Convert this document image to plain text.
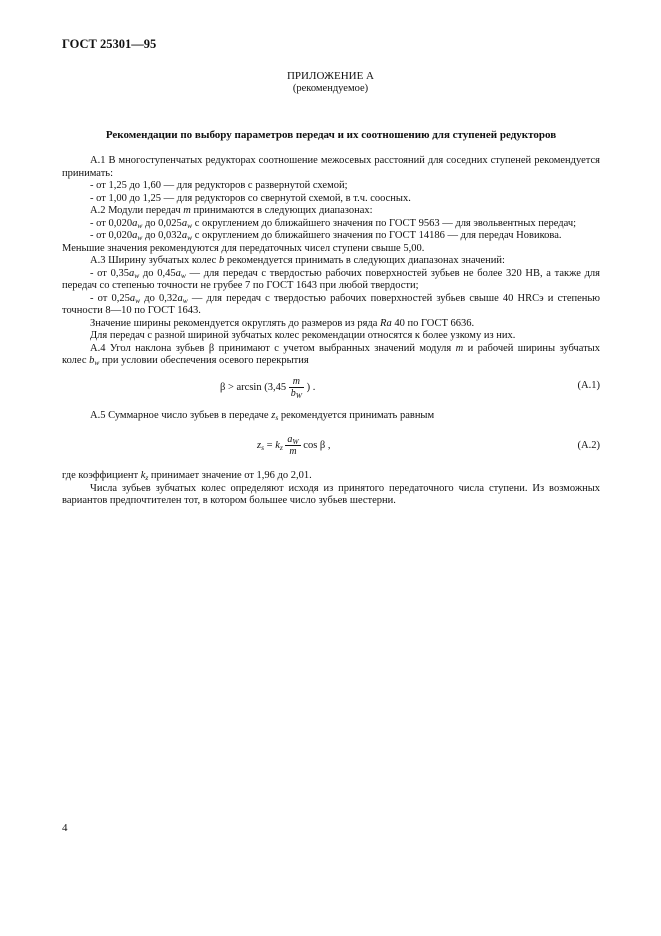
ГОСТ 25301—95
ПРИЛОЖЕНИЕ А
(рекомендуемое)
Рекомендации по выбору параметров передач и их соотношению для ступеней редукторов

А.1 В многоступенчатых редукторах соотношение межосевых расстояний для соседних ступеней рекомендуется принимать:

- от 1,25 до 1,60 — для редукторов с развернутой схемой;

- от 1,00 до 1,25 — для редукторов со свернутой схемой, в т.ч. соосных.

А.2 Модули передач m принимаются в следующих диапазонах:

- от $0,020a_w$ до $0,025a_w$ с округлением до ближайшего значения по ГОСТ 9563 — для эвольвентных передач;

- от $0,020a_w$ до $0,032a_w$ с округлением до ближайшего значения по ГОСТ 14186 — для передач Новикова.

Меньшие значения рекомендуются для передаточных чисел ступени свыше 5,00.

А.3 Ширину зубчатых колес b рекомендуется принимать в следующих диапазонах значений:

- от $0,35a_w$ до $0,45a_w$ — для передач с твердостью рабочих поверхностей зубьев не более 320 НВ, а также для передач со степенью точности не грубее 7 по ГОСТ 1643 при любой твердости;

- от $0,25a_w$ до $0,32a_w$ — для передач с твердостью рабочих поверхностей зубьев свыше 40 HRCэ и степенью точности 8—10 по ГОСТ 1643.

Значение ширины рекомендуется округлять до размеров из ряда Ra 40 по ГОСТ 6636.

Для передач с разной шириной зубчатых колес рекомендации относятся к более узкому из них.

А.4 Угол наклона зубьев β принимают с учетом выбранных значений модуля m и рабочей ширины зубчатых колес $b_w$ при условии обеспечения осевого перекрытия

$\beta > \arcsin (3,45 \frac{m}{b_W}$ ) .	(А.1)

А.5 Суммарное число зубьев в передаче $z_s$ рекомендуется принимать равным

$z_s = k_z \frac{a_W}{m}$ cos β ,	(А.2)

где коэффициент $k_z$ принимает значение от 1,96 до 2,01.

Числа зубьев зубчатых колес определяют исходя из принятого передаточного числа ступени. Из возможных вариантов предпочтителен тот, в котором большее число зубьев шестерни.

4
